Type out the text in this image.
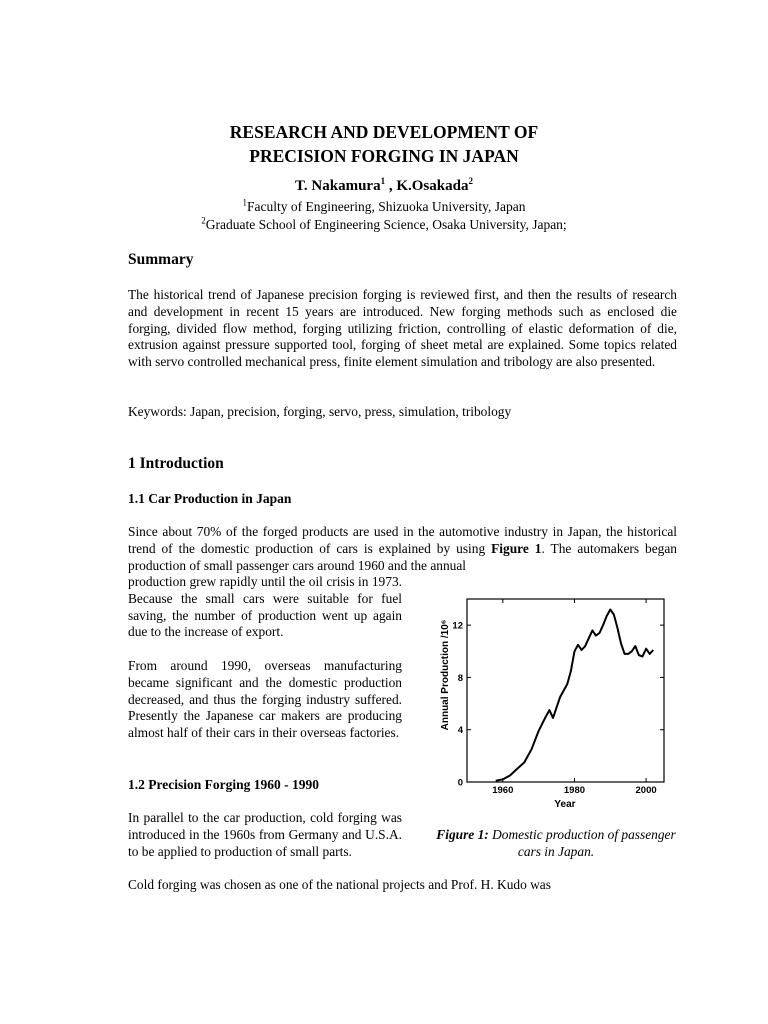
RESEARCH AND DEVELOPMENT OF
PRECISION FORGING IN JAPAN
T. Nakamura$^1$ , K.Osakada$^2$
$^1$Faculty of Engineering, Shizuoka University, Japan
$^2$Graduate School of Engineering Science, Osaka University, Japan;
Summary
The historical trend of Japanese precision forging is reviewed first, and then the results of research and development in recent 15 years are introduced. New forging methods such as enclosed die forging, divided flow method, forging utilizing friction, controlling of elastic deformation of die, extrusion against pressure supported tool, forging of sheet metal are explained. Some topics related with servo controlled mechanical press, finite element simulation and tribology are also presented.
Keywords: Japan, precision, forging, servo, press, simulation, tribology
1 Introduction
1.1 Car Production in Japan
Since about 70% of the forged products are used in the automotive industry in Japan, the historical trend of the domestic production of cars is explained by using Figure 1. The automakers began production of small passenger cars around 1960 and the annual
production grew rapidly until the oil crisis in 1973. Because the small cars were suitable for fuel saving, the number of production went up again due to the increase of export.
From around 1990, overseas manufacturing became significant and the domestic production decreased, and thus the forging industry suffered. Presently the Japanese car makers are producing almost half of their cars in their overseas factories.
1.2 Precision Forging 1960 - 1990
In parallel to the car production, cold forging was introduced in the 1960s from Germany and U.S.A. to be applied to production of small parts.
Cold forging was chosen as one of the national projects and Prof. H. Kudo was
1960	1980	2000
0
4
8
12
Year
Annual Production /10⁶
Figure 1: Domestic production of passenger cars in Japan.
